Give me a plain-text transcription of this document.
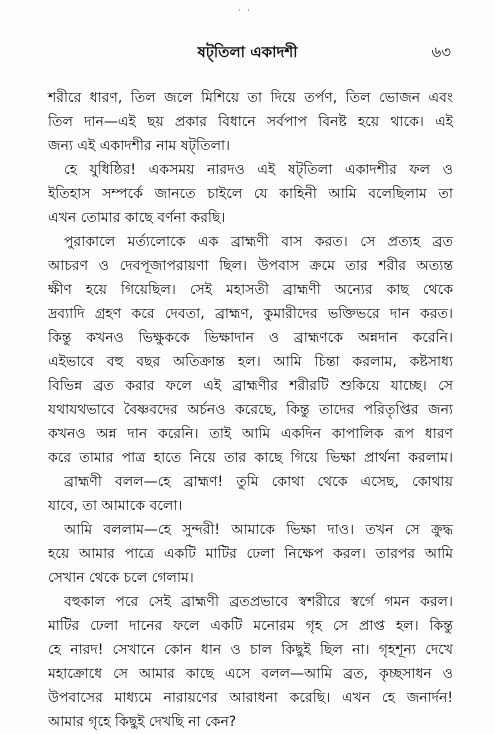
· ·
ষট্‌তিলা একাদশী	৬৩
শরীরে ধারণ, তিল জলে মিশিয়ে তা দিয়ে তর্পণ, তিল ভোজন এবং
তিল দান—এই ছয় প্রকার বিধানে সর্বপাপ বিনষ্ট হয়ে থাকে। এই
জন্য এই একাদশীর নাম ষট্‌তিলা।
হে যুধিষ্ঠির! একসময় নারদও এই ষট্‌তিলা একাদশীর ফল ও
ইতিহাস সম্পর্কে জানতে চাইলে যে কাহিনী আমি বলেছিলাম তা
এখন তোমার কাছে বর্ণনা করছি।
পুরাকালে মর্ত্যলোকে এক ব্রাহ্মণী বাস করত। সে প্রত্যহ ব্রত
আচরণ ও দেবপূজাপরায়ণা ছিল। উপবাস ক্রমে তার শরীর অত্যন্ত
ক্ষীণ হয়ে গিয়েছিল। সেই মহাসতী ব্রাহ্মণী অন্যের কাছ থেকে
দ্রব্যাদি গ্রহণ করে দেবতা, ব্রাহ্মণ, কুমারীদের ভক্তিভরে দান করত।
কিন্তু কখনও ভিক্ষুককে ভিক্ষাদান ও ব্রাহ্মণকে অন্নদান করেনি।
এইভাবে বহু বছর অতিক্রান্ত হল। আমি চিন্তা করলাম, কষ্টসাধ্য
বিভিন্ন ব্রত করার ফলে এই ব্রাহ্মণীর শরীরটি শুকিয়ে যাচ্ছে। সে
যথাযথভাবে বৈষ্ণবদের অর্চনও করেছে, কিন্তু তাদের পরিতৃপ্তির জন্য
কখনও অন্ন দান করেনি। তাই আমি একদিন কাপালিক রূপ ধারণ
করে তামার পাত্র হাতে নিয়ে তার কাছে গিয়ে ভিক্ষা প্রার্থনা করলাম।
ব্রাহ্মণী বলল—হে ব্রাহ্মণ! তুমি কোথা থেকে এসেছ, কোথায়
যাবে, তা আমাকে বলো।
আমি বললাম—হে সুন্দরী! আমাকে ভিক্ষা দাও। তখন সে ক্রুদ্ধ
হয়ে আমার পাত্রে একটি মাটির ঢেলা নিক্ষেপ করল। তারপর আমি
সেখান থেকে চলে গেলাম।
বহুকাল পরে সেই ব্রাহ্মণী ব্রতপ্রভাবে স্বশরীরে স্বর্গে গমন করল।
মাটির ঢেলা দানের ফলে একটি মনোরম গৃহ সে প্রাপ্ত হল। কিন্তু
হে নারদ! সেখানে কোন ধান ও চাল কিছুই ছিল না। গৃহশূন্য দেখে
মহাক্রোধে সে আমার কাছে এসে বলল—আমি ব্রত, কৃচ্ছসাধন ও
উপবাসের মাধ্যমে নারায়ণের আরাধনা করেছি। এখন হে জনার্দন!
আমার গৃহে কিছুই দেখছি না কেন?
